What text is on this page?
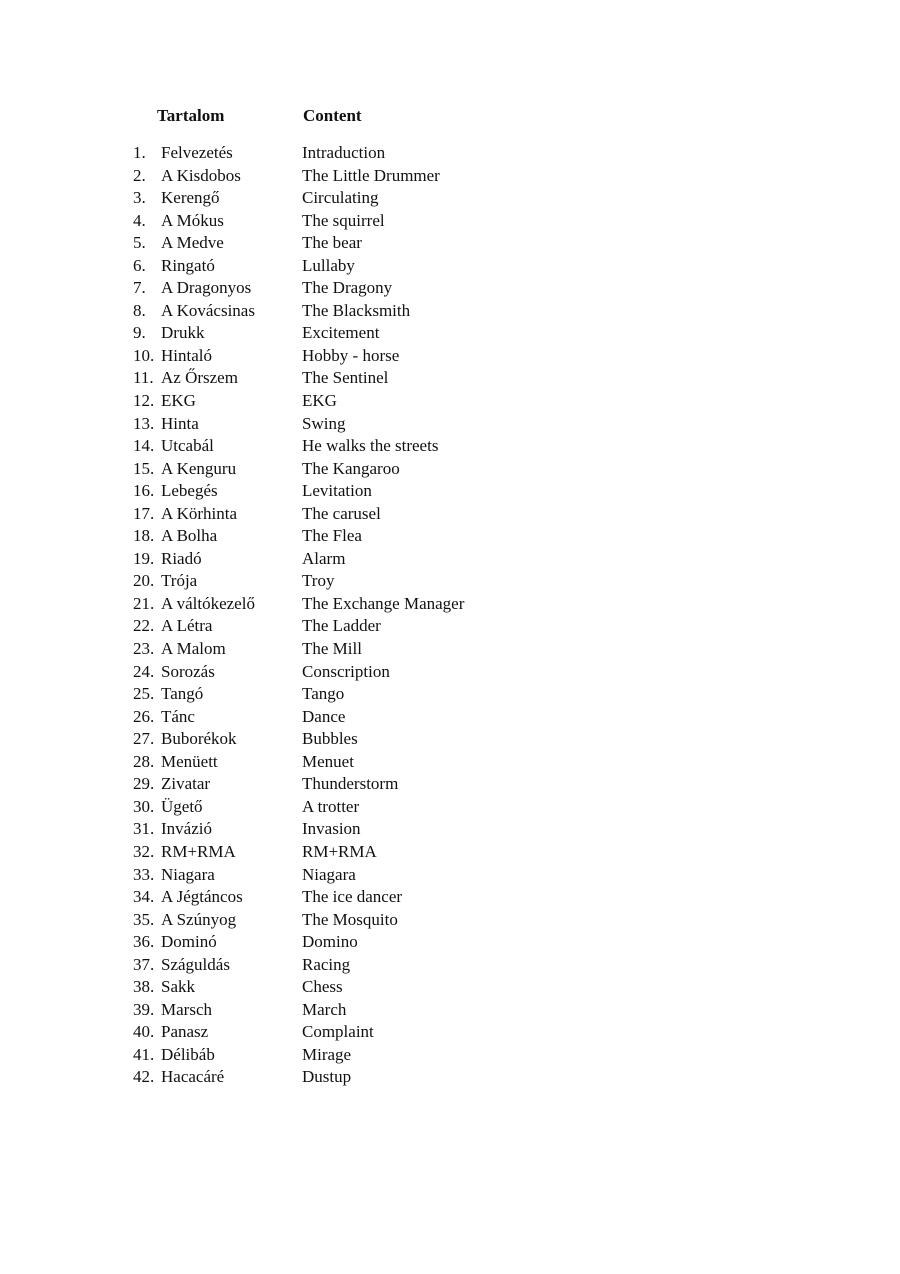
Tartalom	Content
1. Felvezetés	Intraduction
2. A Kisdobos	The Little Drummer
3. Kerengő	Circulating
4. A Mókus	The squirrel
5. A Medve	The bear
6. Ringató	Lullaby
7. A Dragonyos	The Dragony
8. A Kovácsinas	The Blacksmith
9. Drukk	Excitement
10. Hintaló	Hobby - horse
11. Az Őrszem	The Sentinel
12. EKG	EKG
13. Hinta	Swing
14. Utcabál	He walks the streets
15. A Kenguru	The Kangaroo
16. Lebegés	Levitation
17. A Körhinta	The carusel
18. A Bolha	The Flea
19. Riadó	Alarm
20. Trója	Troy
21. A váltókezelő	The Exchange Manager
22. A Létra	The Ladder
23. A Malom	The Mill
24. Sorozás	Conscription
25. Tangó	Tango
26. Tánc	Dance
27. Buborékok	Bubbles
28. Menüett	Menuet
29. Zivatar	Thunderstorm
30. Ügető	A trotter
31. Invázió	Invasion
32. RM+RMA	RM+RMA
33. Niagara	Niagara
34. A Jégtáncos	The ice dancer
35. A Szúnyog	The Mosquito
36. Dominó	Domino
37. Száguldás	Racing
38. Sakk	Chess
39. Marsch	March
40. Panasz	Complaint
41. Délibáb	Mirage
42. Hacacáré	Dustup
